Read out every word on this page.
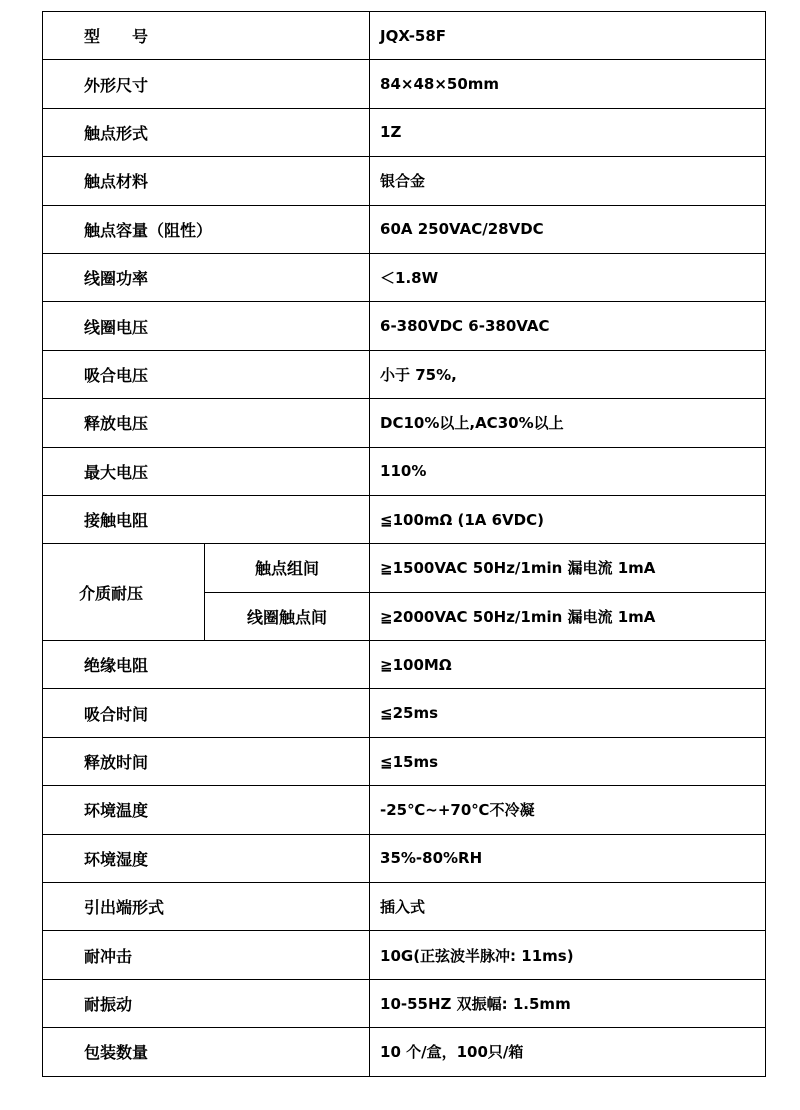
型　　号		JQX-58F
外形尺寸		84×48×50mm
触点形式		1Z
触点材料		银合金
触点容量（阻性）		60A 250VAC/28VDC
线圈功率		＜1.8W
线圈电压		6-380VDC 6-380VAC
吸合电压		小于 75%,
释放电压		DC10%以上,AC30%以上
最大电压		110%
接触电阻		≦100mΩ (1A 6VDC)
介质耐压	触点组间	≧1500VAC 50Hz/1min 漏电流 1mA
	线圈触点间	≧2000VAC 50Hz/1min 漏电流 1mA
绝缘电阻		≧100MΩ
吸合时间		≦25ms
释放时间		≦15ms
环境温度		-25℃~+70℃不冷凝
环境湿度		35%-80%RH
引出端形式		插入式
耐冲击		10G(正弦波半脉冲: 11ms)
耐振动		10-55HZ 双振幅: 1.5mm
包装数量		10 个/盒，100只/箱
